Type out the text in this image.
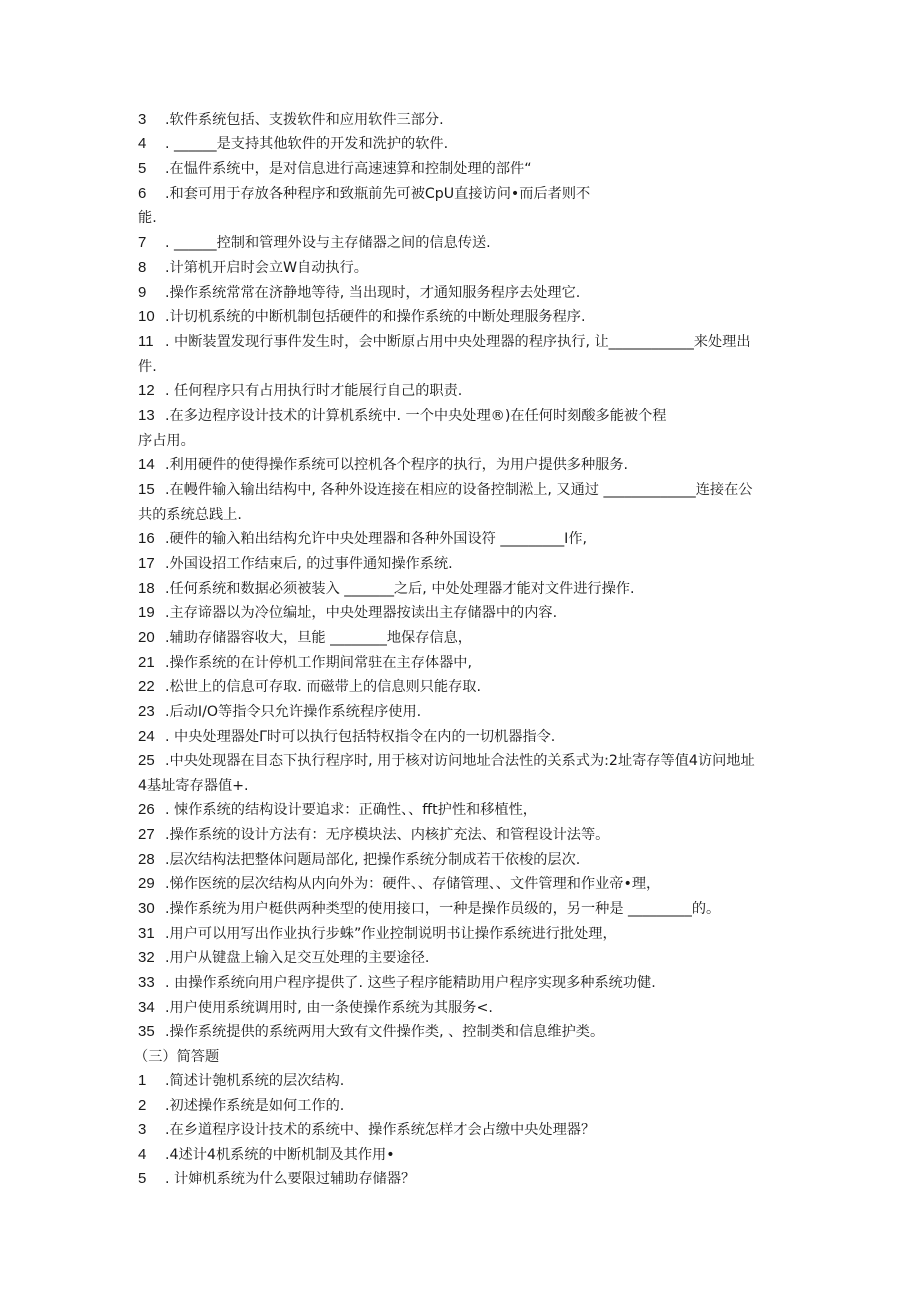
3 .软件系统包括、支拨软件和应用软件三部分.
4 . ______是支持其他软件的开发和洗护的软件.
5 .在愠件系统中，是对信息进行高速速算和控制处理的部件“
6 .和套可用于存放各种程序和致瓶前先可被CpU直接访问•而后者则不
能.
7 . ______控制和管理外设与主存储器之间的信息传送.
8 .计第机开启时会立W自动执行。
9 .操作系统常常在济静地等待, 当出现时，才通知服务程序去处理它.
10 .计切机系统的中断机制包括硬件的和操作系统的中断处理服务程序.
11 . 中断装置发现行事件发生时，会中断原占用中央处理器的程序执行, 让____________来处理出
件.
12 . 任何程序只有占用执行时才能展行自己的职责.
13 .在多边程序设计技术的计算机系统中. 一个中央处理®)在任何时刻酸多能被个程
序占用。
14 .利用硬件的使得操作系统可以控机各个程序的执行，为用户提供多种服务.
15 .在幔件输入输出结构中, 各种外设连接在相应的设备控制淞上, 又通过 _____________连接在公
共的系统总践上.
16 .硬件的输入粕出结构允许中央处理器和各种外国设符 _________I作,
17 .外国设招工作结束后, 的过事件通知操作系统.
18 .任何系统和数据必须被装入 _______之后, 中处处理器才能对文件进行操作.
19 .主存谛器以为冷位编址，中央处理器按读出主存储器中的内容.
20 .辅助存储器容收大，旦能 ________地保存信息，
21 .操作系统的在计停机工作期间常驻在主存体器中,
22 .松世上的信息可存取. 而磁带上的信息则只能存取.
23 .后动I/O等指令只允许操作系统程序使用.
24 . 中央处理器处Γ时可以执行包括特权指令在内的一切机器指令.
25 .中央处现器在目态下执行程序时, 用于核对访问地址合法性的关系式为:2址寄存等值4访问地址
4基址寄存器值+.
26 . 悚作系统的结构设计要追求：正确性、、fft护性和移植性，
27 .操作系统的设计方法有：无序模块法、内核扩充法、和管程设计法等。
28 .层次结构法把整体问题局部化, 把操作系统分制成若干依梭的层次.
29 .悌作医统的层次结构从内向外为：硬件、、存储管理、、文件管理和作业帝•理，
30 .操作系统为用户梃供两种类型的使用接口，一种是操作员级的，另一种是 _________的。
31 .用户可以用写出作业执行步蛛”作业控制说明书让操作系统进行批处理，
32 .用户从键盘上输入足交互处理的主要途径.
33 . 由操作系统向用户程序提供了. 这些子程序能精助用户程序实现多种系统功健.
34 .用户使用系统调用时, 由一条使操作系统为其服务<.
35 .操作系统提供的系统两用大致有文件操作类, 、控制类和信息维护类。
（三）简答题
1 .简述计匏机系统的层次结构.
2 .初述操作系统是如何工作的.
3 .在乡道程序设计技术的系统中、操作系统怎样才会占缴中央处理器？
4 .4述计4机系统的中断机制及其作用•
5 . 计婶机系统为什么要限过辅助存储器？
